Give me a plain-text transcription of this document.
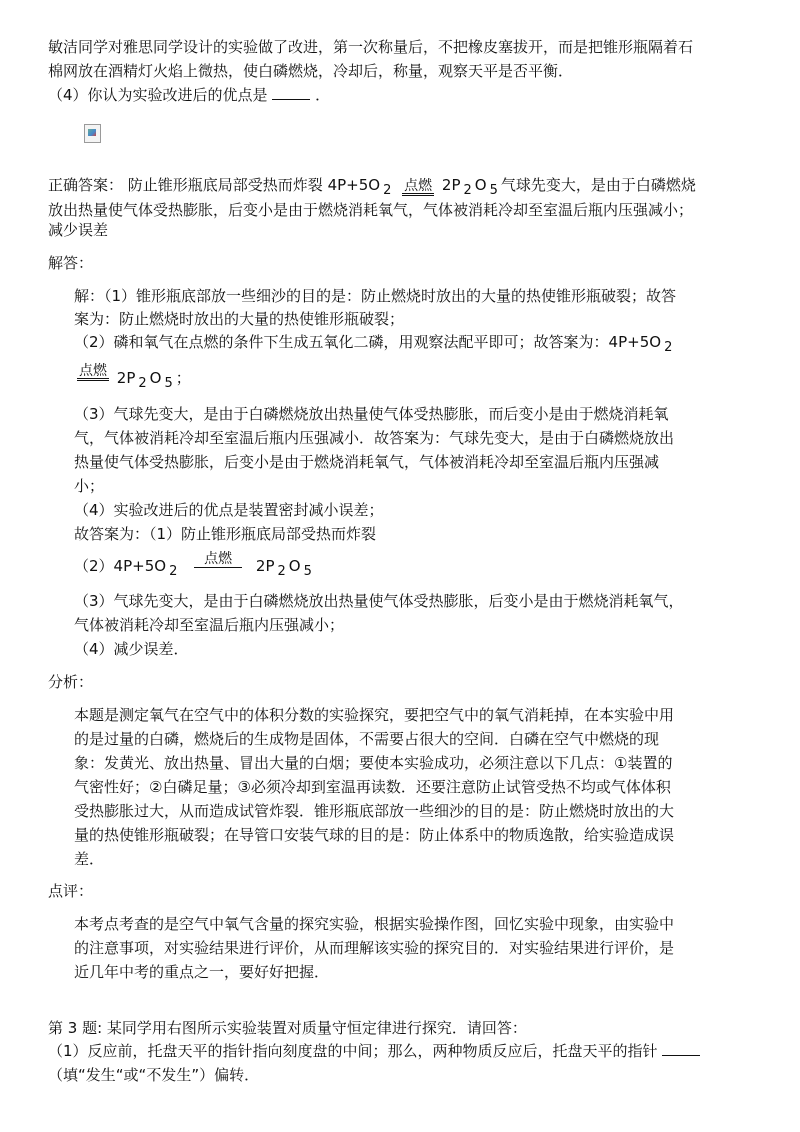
敏洁同学对雅思同学设计的实验做了改进，第一次称量后，不把橡皮塞拔开，而是把锥形瓶隔着石
棉网放在酒精灯火焰上微热，使白磷燃烧，冷却后，称量，观察天平是否平衡．
（4）你认为实验改进后的优点是	．
正确答案： 防止锥形瓶底局部受热而炸裂 4P+5O 2 点燃 2P 2 O 5 气球先变大，是由于白磷燃烧
放出热量使气体受热膨胀，后变小是由于燃烧消耗氧气，气体被消耗冷却至室温后瓶内压强减小；
减少误差
解答：
解：（1）锥形瓶底部放一些细沙的目的是：防止燃烧时放出的大量的热使锥形瓶破裂；故答
案为：防止燃烧时放出的大量的热使锥形瓶破裂；
（2）磷和氧气在点燃的条件下生成五氧化二磷，用观察法配平即可；故答案为：4P+5O 2
点燃 2P 2 O 5 ；
（3）气球先变大，是由于白磷燃烧放出热量使气体受热膨胀，而后变小是由于燃烧消耗氧
气，气体被消耗冷却至室温后瓶内压强减小．故答案为：气球先变大，是由于白磷燃烧放出
热量使气体受热膨胀，后变小是由于燃烧消耗氧气，气体被消耗冷却至室温后瓶内压强减
小；
（4）实验改进后的优点是装置密封减小误差；
故答案为：（1）防止锥形瓶底局部受热而炸裂
（2）4P+5O 2
点燃	2P 2 O 5
（3）气球先变大，是由于白磷燃烧放出热量使气体受热膨胀，后变小是由于燃烧消耗氧气，
气体被消耗冷却至室温后瓶内压强减小；
（4）减少误差．
分析：
本题是测定氧气在空气中的体积分数的实验探究，要把空气中的氧气消耗掉，在本实验中用
的是过量的白磷，燃烧后的生成物是固体，不需要占很大的空间．白磷在空气中燃烧的现
象：发黄光、放出热量、冒出大量的白烟；要使本实验成功，必须注意以下几点：①装置的
气密性好；②白磷足量；③必须冷却到室温再读数．还要注意防止试管受热不均或气体体积
受热膨胀过大，从而造成试管炸裂．锥形瓶底部放一些细沙的目的是：防止燃烧时放出的大
量的热使锥形瓶破裂；在导管口安装气球的目的是：防止体系中的物质逸散，给实验造成误
差．
点评：
本考点考查的是空气中氧气含量的探究实验，根据实验操作图，回忆实验中现象，由实验中
的注意事项，对实验结果进行评价，从而理解该实验的探究目的．对实验结果进行评价，是
近几年中考的重点之一，要好好把握．
第 3 题: 某同学用右图所示实验装置对质量守恒定律进行探究．请回答：
（1）反应前，托盘天平的指针指向刻度盘的中间；那么，两种物质反应后，托盘天平的指针
（填“发生“或“不发生”）偏转．
